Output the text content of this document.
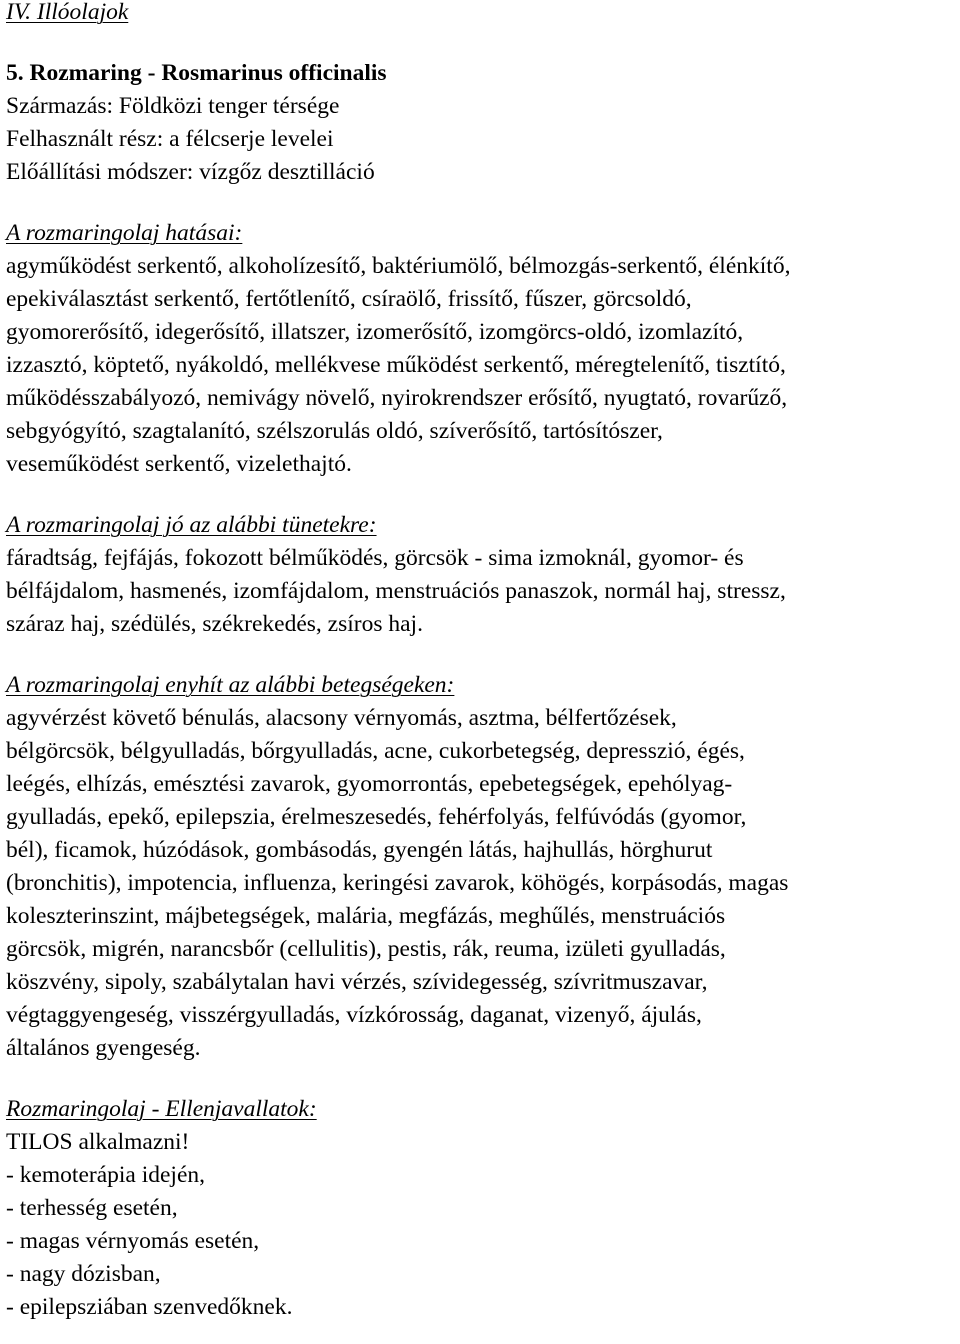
IV. Illóolajok
5. Rozmaring - Rosmarinus officinalis
Származás: Földközi tenger térsége
Felhasznált rész: a félcserje levelei
Előállítási módszer: vízgőz desztilláció
A rozmaringolaj hatásai:
agyműködést serkentő, alkoholízesítő, baktériumölő, bélmozgás-serkentő, élénkítő,
epekiválasztást serkentő, fertőtlenítő, csíraölő, frissítő, fűszer, görcsoldó,
gyomorerősítő, idegerősítő, illatszer, izomerősítő, izomgörcs-oldó, izomlazító,
izzasztó, köptető, nyákoldó, mellékvese működést serkentő, méregtelenítő, tisztító,
működésszabályozó, nemivágy növelő, nyirokrendszer erősítő, nyugtató, rovarűző,
sebgyógyító, szagtalanító, szélszorulás oldó, szíverősítő, tartósítószer,
veseműködést serkentő, vizelethajtó.
A rozmaringolaj jó az alábbi tünetekre:
fáradtság, fejfájás, fokozott bélműködés, görcsök - sima izmoknál, gyomor- és
bélfájdalom, hasmenés, izomfájdalom, menstruációs panaszok, normál haj, stressz,
száraz haj, szédülés, székrekedés, zsíros haj.
A rozmaringolaj enyhít az alábbi betegségeken:
agyvérzést követő bénulás, alacsony vérnyomás, asztma, bélfertőzések,
bélgörcsök, bélgyulladás, bőrgyulladás, acne, cukorbetegség, depresszió, égés,
leégés, elhízás, emésztési zavarok, gyomorrontás, epebetegségek, epehólyag-
gyulladás, epekő, epilepszia, érelmeszesedés, fehérfolyás, felfúvódás (gyomor,
bél), ficamok, húzódások, gombásodás, gyengén látás, hajhullás, hörghurut
(bronchitis), impotencia, influenza, keringési zavarok, köhögés, korpásodás, magas
koleszterinszint, májbetegségek, malária, megfázás, meghűlés, menstruációs
görcsök, migrén, narancsbőr (cellulitis), pestis, rák, reuma, izületi gyulladás,
köszvény, sipoly, szabálytalan havi vérzés, szívidegesség, szívritmuszavar,
végtaggyengeség, visszérgyulladás, vízkórosság, daganat, vizenyő, ájulás,
általános gyengeség.
Rozmaringolaj - Ellenjavallatok:
TILOS alkalmazni!
- kemoterápia idején,
- terhesség esetén,
- magas vérnyomás esetén,
- nagy dózisban,
- epilepsziában szenvedőknek.
